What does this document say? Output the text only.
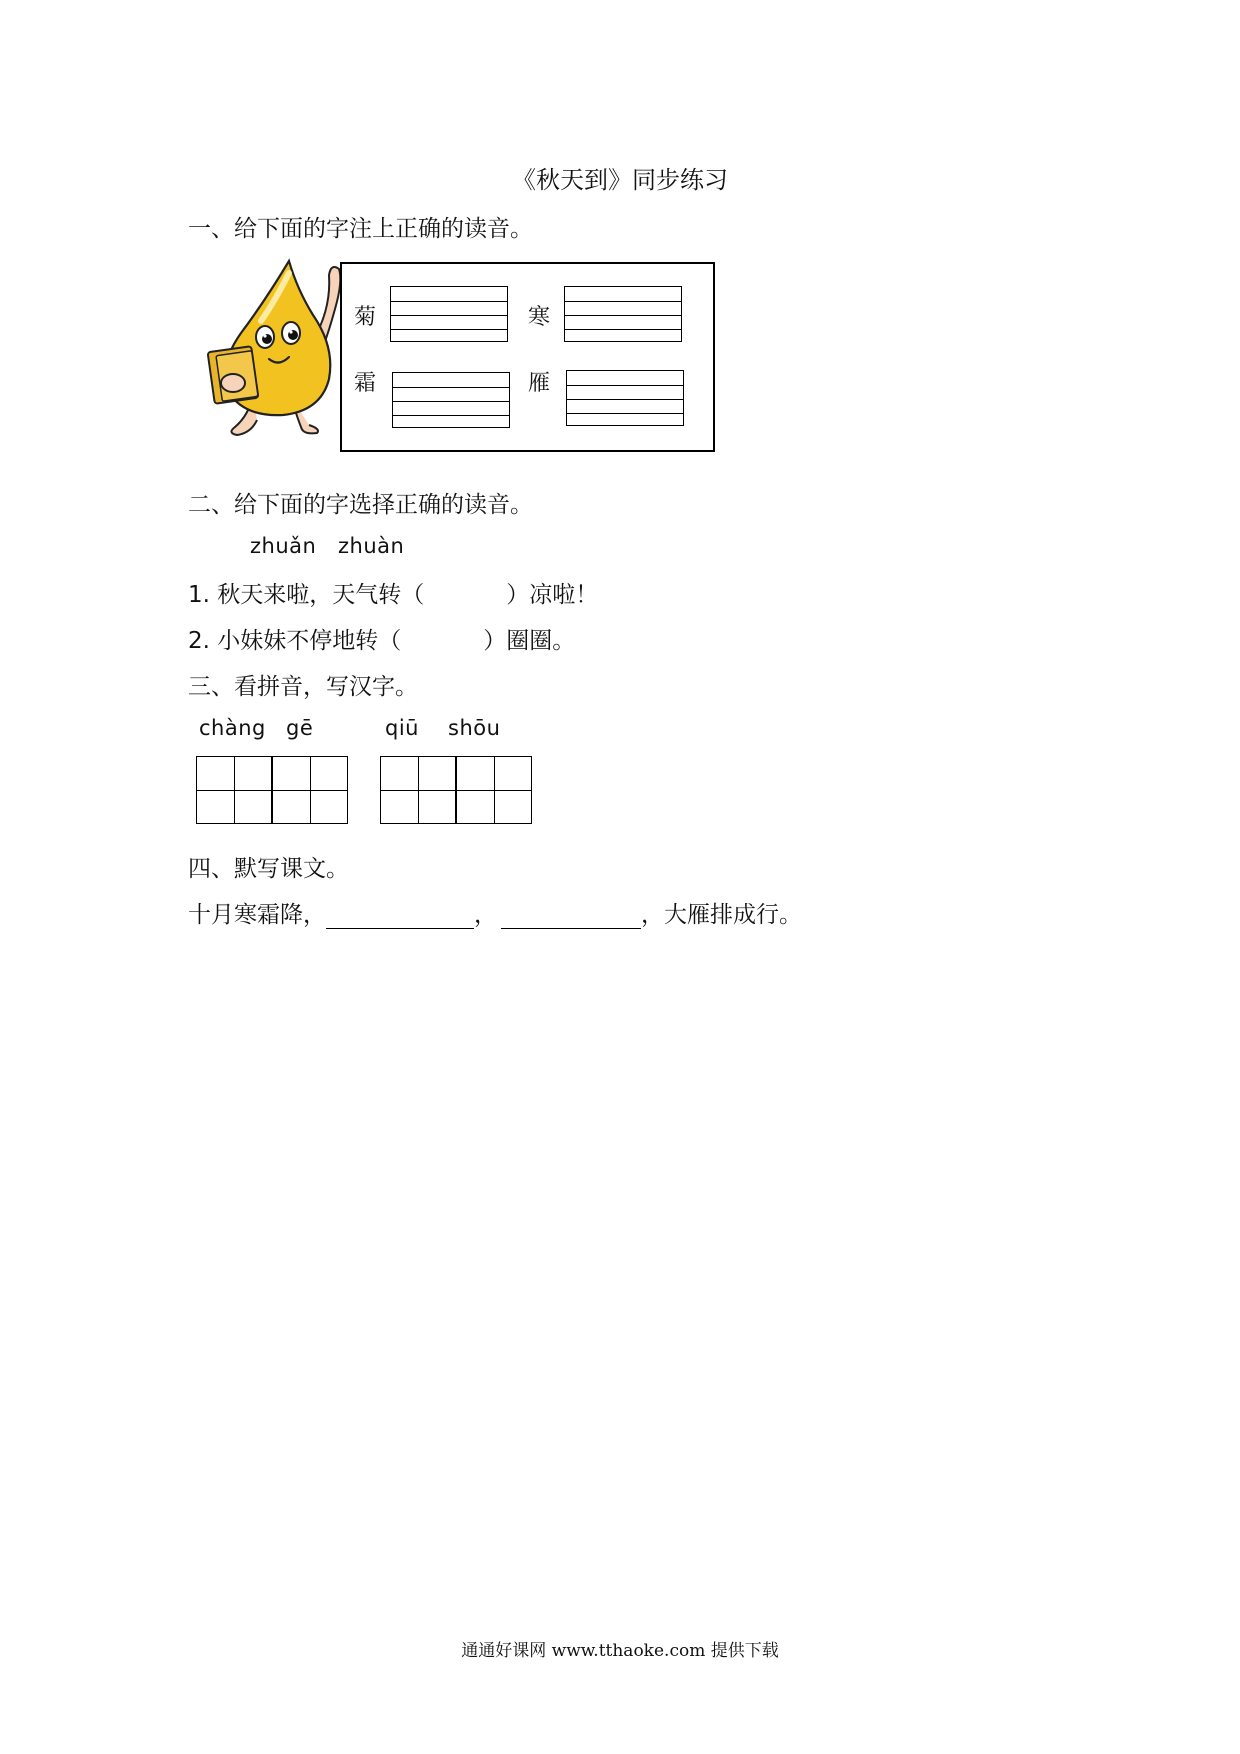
《秋天到》同步练习
一、给下面的字注上正确的读音。
菊	寒
霜	雁
二、给下面的字选择正确的读音。
zhuǎn zhuàn
1. 秋天来啦，天气转（	）凉啦！
2. 小妹妹不停地转（	）圈圈。
三、看拼音，写汉字。
chàng gē	qiū shōu
四、默写课文。
十月寒霜降，	，	，大雁排成行。
通通好课网 www.tthaoke.com 提供下载
